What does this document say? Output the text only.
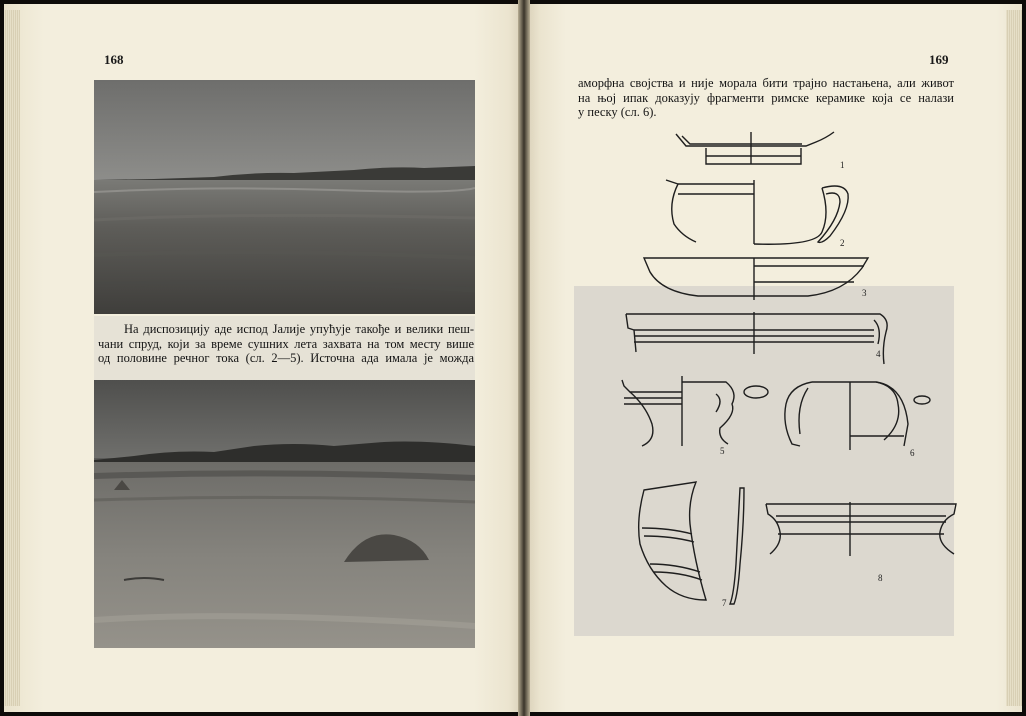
168
На диспозицију аде испод Јалије упућује такође и велики пеш-
чани спруд, који за време сушних лета захвата на том месту више
од половине речног тока (сл. 2—5). Источна ада имала је можда
169
аморфна својства и није морала бити трајно настањена, али живот
на њој ипак доказују фрагменти римске керамике која се налази
у песку (сл. 6).
1
2
3
4
5	6
7
8
